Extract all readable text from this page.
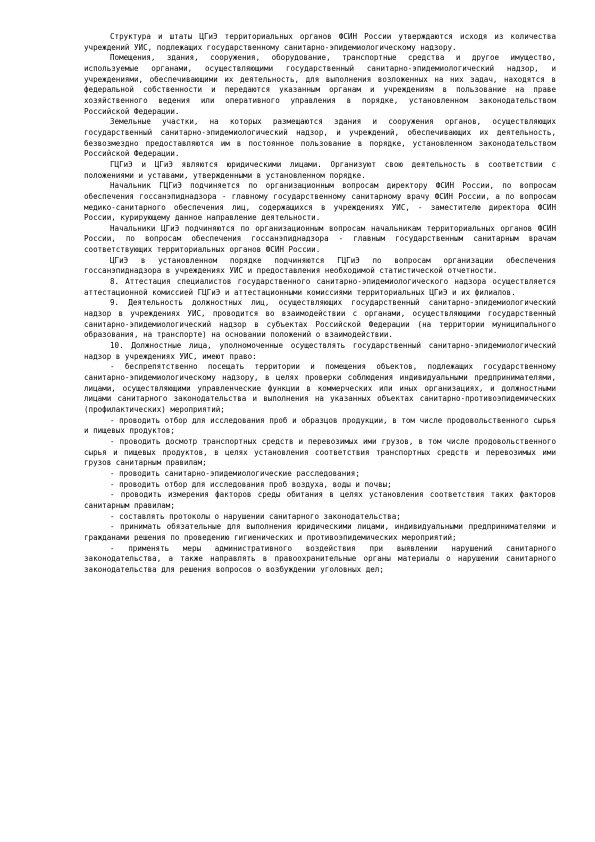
Структура и штаты ЦГиЭ территориальных органов ФСИН России утверждаются исходя из количества учреждений УИС, подлежащих государственному санитарно-эпидемиологическому надзору.

Помещения, здания, сооружения, оборудование, транспортные средства и другое имущество, используемые органами, осуществляющими государственный санитарно-эпидемиологический надзор, и учреждениями, обеспечивающими их деятельность, для выполнения возложенных на них задач, находятся в федеральной собственности и передаются указанным органам и учреждениям в пользование на праве хозяйственного ведения или оперативного управления в порядке, установленном законодательством Российской Федерации.

Земельные участки, на которых размещаются здания и сооружения органов, осуществляющих государственный санитарно-эпидемиологический надзор, и учреждений, обеспечивающих их деятельность, безвозмездно предоставляются им в постоянное пользование в порядке, установленном законодательством Российской Федерации.

ГЦГиЭ и ЦГиЭ являются юридическими лицами. Организуют свою деятельность в соответствии с положениями и уставами, утвержденными в установленном порядке.

Начальник ГЦГиЭ подчиняется по организационным вопросам директору ФСИН России, по вопросам обеспечения госсанэпиднадзора - главному государственному санитарному врачу ФСИН России, а по вопросам медико-санитарного обеспечения лиц, содержащихся в учреждениях УИС, - заместителю директора ФСИН России, курирующему данное направление деятельности.

Начальники ЦГиЭ подчиняются по организационным вопросам начальникам территориальных органов ФСИН России, по вопросам обеспечения госсанэпиднадзора - главным государственным санитарным врачам соответствующих территориальных органов ФСИН России.

ЦГиЭ в установленном порядке подчиняются ГЦГиЭ по вопросам организации обеспечения госсанэпиднадзора в учреждениях УИС и предоставления необходимой статистической отчетности.

8. Аттестация специалистов государственного санитарно-эпидемиологического надзора осуществляется аттестационной комиссией ГЦГиЭ и аттестационными комиссиями территориальных ЦГиЭ и их филиалов.

9. Деятельность должностных лиц, осуществляющих государственный санитарно-эпидемиологический надзор в учреждениях УИС, проводится во взаимодействии с органами, осуществляющими государственный санитарно-эпидемиологический надзор в субъектах Российской Федерации (на территории муниципального образования, на транспорте) на основании положений о взаимодействии.

10. Должностные лица, уполномоченные осуществлять государственный санитарно-эпидемиологический надзор в учреждениях УИС, имеют право:

- беспрепятственно посещать территории и помещения объектов, подлежащих государственному санитарно-эпидемиологическому надзору, в целях проверки соблюдения индивидуальными предпринимателями, лицами, осуществляющими управленческие функции в коммерческих или иных организациях, и должностными лицами санитарного законодательства и выполнения на указанных объектах санитарно-противоэпидемических (профилактических) мероприятий;

- проводить отбор для исследования проб и образцов продукции, в том числе продовольственного сырья и пищевых продуктов;

- проводить досмотр транспортных средств и перевозимых ими грузов, в том числе продовольственного сырья и пищевых продуктов, в целях установления соответствия транспортных средств и перевозимых ими грузов санитарным правилам;

- проводить санитарно-эпидемиологические расследования;

- проводить отбор для исследования проб воздуха, воды и почвы;

- проводить измерения факторов среды обитания в целях установления соответствия таких факторов санитарным правилам;

- составлять протоколы о нарушении санитарного законодательства;

- принимать обязательные для выполнения юридическими лицами, индивидуальными предпринимателями и гражданами решения по проведению гигиенических и противоэпидемических мероприятий;

- применять меры административного воздействия при выявлении нарушений санитарного законодательства, а также направлять в правоохранительные органы материалы о нарушении санитарного законодательства для решения вопросов о возбуждении уголовных дел;
